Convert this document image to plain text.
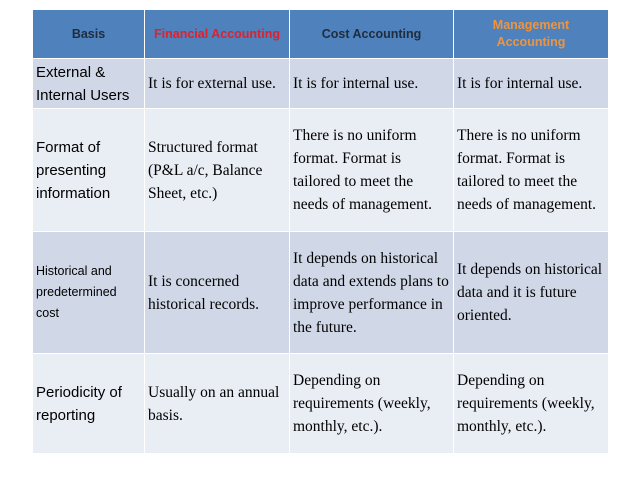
Basis	Financial Accounting	Cost Accounting	Management Accounting
External & Internal Users	It is for external use.	It is for internal use.	It is for internal use.
Format of presenting information	Structured format (P&L a/c, Balance Sheet, etc.)	There is no uniform format. Format is tailored to meet the needs of management.	There is no uniform format. Format is tailored to meet the needs of management.
Historical and predetermined cost	It is concerned historical records.	It depends on historical data and extends plans to improve performance in the future.	It depends on historical data and it is future oriented.
Periodicity of reporting	Usually on an annual basis.	Depending on requirements (weekly, monthly, etc.).	Depending on requirements (weekly, monthly, etc.).
